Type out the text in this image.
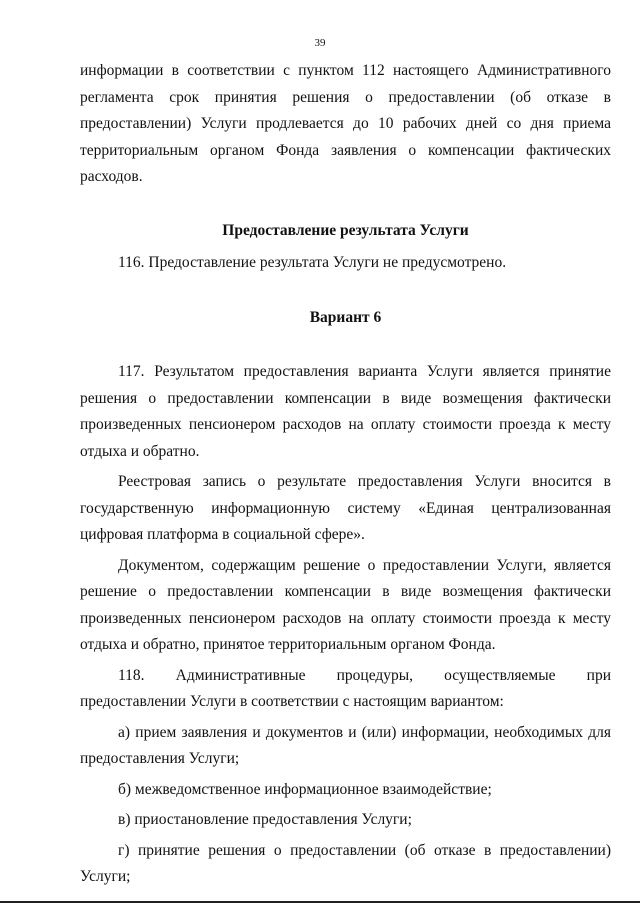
39

информации в соответствии с пунктом 112 настоящего Административного регламента срок принятия решения о предоставлении (об отказе в предоставлении) Услуги продлевается до 10 рабочих дней со дня приема территориальным органом Фонда заявления о компенсации фактических расходов.

Предоставление результата Услуги

116. Предоставление результата Услуги не предусмотрено.

Вариант 6

117. Результатом предоставления варианта Услуги является принятие решения о предоставлении компенсации в виде возмещения фактически произведенных пенсионером расходов на оплату стоимости проезда к месту отдыха и обратно.

Реестровая запись о результате предоставления Услуги вносится в государственную информационную систему «Единая централизованная цифровая платформа в социальной сфере».

Документом, содержащим решение о предоставлении Услуги, является решение о предоставлении компенсации в виде возмещения фактически произведенных пенсионером расходов на оплату стоимости проезда к месту отдыха и обратно, принятое территориальным органом Фонда.

118. Административные процедуры, осуществляемые при предоставлении Услуги в соответствии с настоящим вариантом:

а) прием заявления и документов и (или) информации, необходимых для предоставления Услуги;

б) межведомственное информационное взаимодействие;

в) приостановление предоставления Услуги;

г) принятие решения о предоставлении (об отказе в предоставлении) Услуги;
